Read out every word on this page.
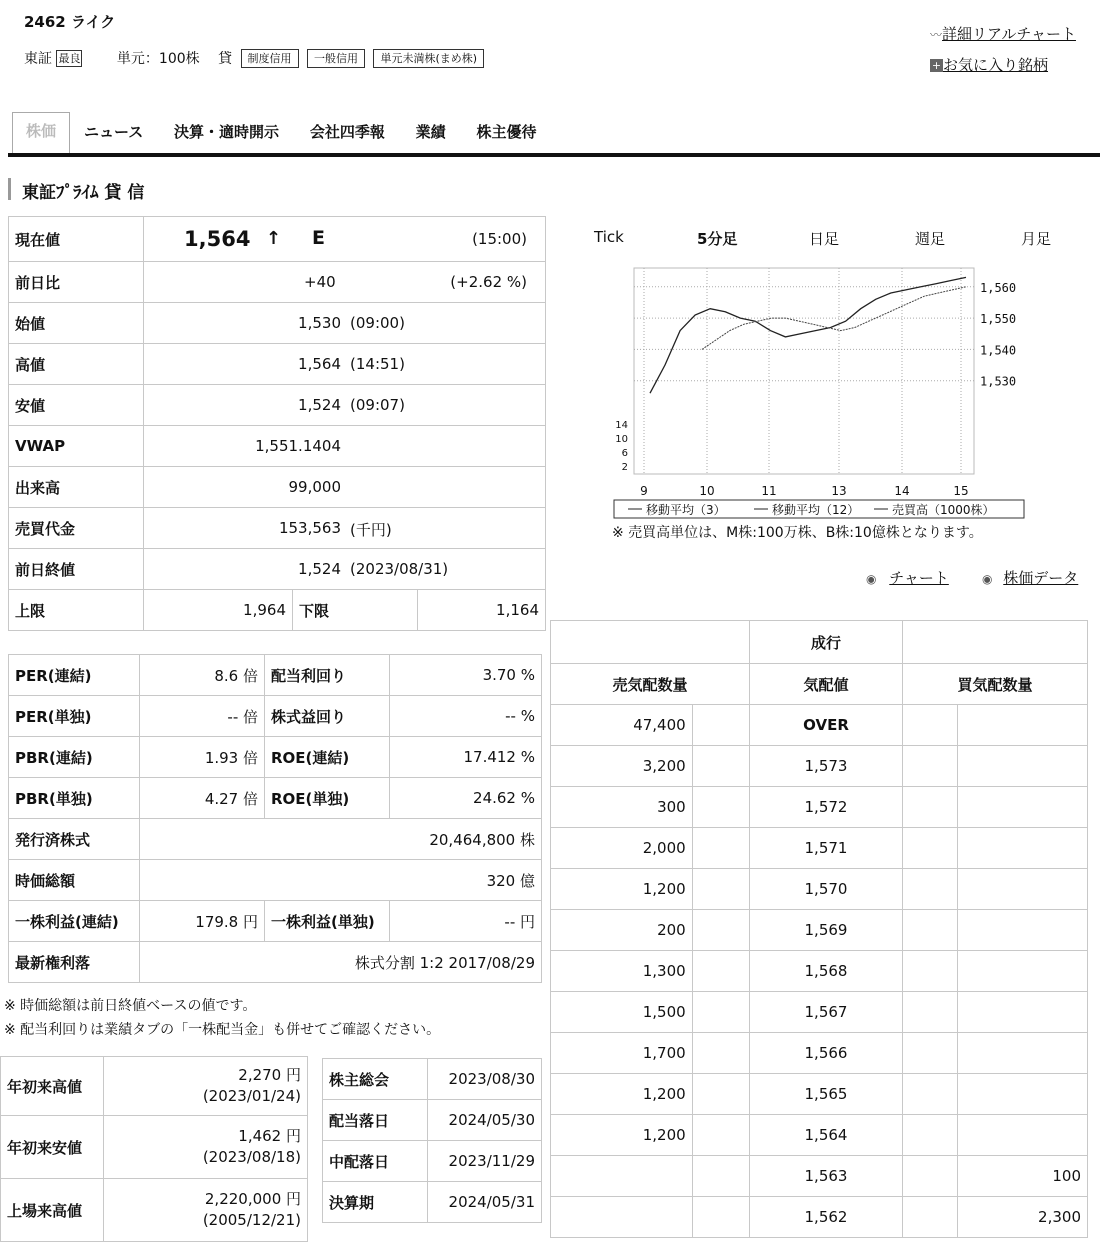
2462 ライク
東証 最良	単元：100株 貸 制度信用 一般信用 単元未満株(まめ株)
〰詳細リアルチャート
+ お気に入り銘柄
株価	ニュース 決算・適時開示 会社四季報 業績 株主優待
東証ﾌﾟﾗｲﾑ 貸 信
現在値	1,564 ↑ E (15:00)		

前日比	+40 (+2.62 %)		

始値	1,530 (09:00)		

高値	1,564 (14:51)		

安値	1,524 (09:07)		

VWAP	1,551.1404		

出来高	99,000		

売買代金	153,563 (千円)		

前日終値	1,524 (2023/08/31)		

上限	1,964	下限	1,164
PER(連結)	8.6 倍	配当利回り	3.70 %
PER(単独)	-- 倍	株式益回り	-- %
PBR(連結)	1.93 倍	ROE(連結)	17.412 %
PBR(単独)	4.27 倍	ROE(単独)	24.62 %
発行済株式	20,464,800 株		
時価総額	320 億		
一株利益(連結)	179.8 円	一株利益(単独)	-- 円
最新権利落	株式分割 1:2 2017/08/29		
※ 時価総額は前日終値ベースの値です。
※ 配当利回りは業績タブの「一株配当金」も併せてご確認ください。
年初来高値	2,270 円
(2023/01/24)
年初来安値	1,462 円
(2023/08/18)
上場来高値	2,220,000 円
(2005/12/21)
株主総会	2023/08/30
配当落日	2024/05/30
中配落日	2023/11/29
決算期	2024/05/31
Tick	5分足	日足	週足	月足
1,560
1,550
1,540
1,530
14
10
6
2
9	10	11	13	14	15
移動平均（3）	移動平均（12）	売買高（1000株）
※ 売買高単位は、M株:100万株、B株:10億株となります。
◉ チャート	◉ 株価データ
		成行		
売気配数量		気配値	買気配数量	
47,400		OVER		
3,200		1,573		
300		1,572		
2,000		1,571		
1,200		1,570		
200		1,569		
1,300		1,568		
1,500		1,567		
1,700		1,566		
1,200		1,565		
1,200		1,564		
		1,563		100
		1,562		2,300
